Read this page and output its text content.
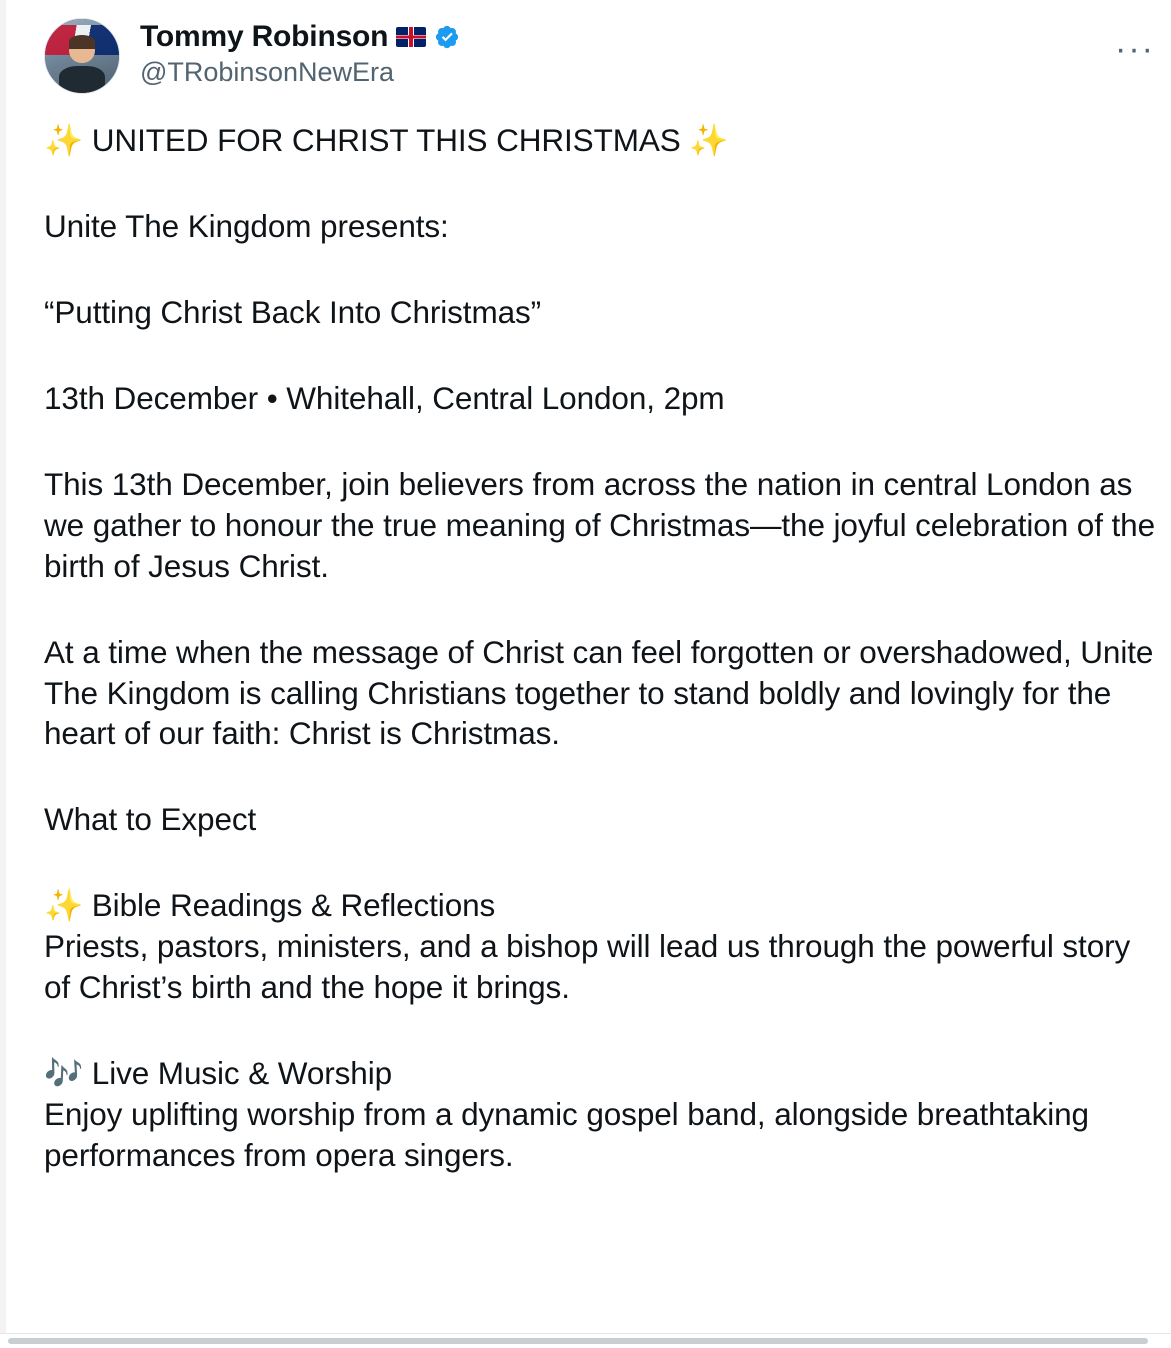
Tommy Robinson
@TRobinsonNewEra
···

✨ UNITED FOR CHRIST THIS CHRISTMAS ✨

Unite The Kingdom presents:

“Putting Christ Back Into Christmas”

13th December • Whitehall, Central London, 2pm

This 13th December, join believers from across the nation in central London as we gather to honour the true meaning of Christmas—the joyful celebration of the birth of Jesus Christ.

At a time when the message of Christ can feel forgotten or overshadowed, Unite The Kingdom is calling Christians together to stand boldly and lovingly for the heart of our faith: Christ is Christmas.

What to Expect

✨ Bible Readings & Reflections

Priests, pastors, ministers, and a bishop will lead us through the powerful story of Christ’s birth and the hope it brings.

🎶 Live Music & Worship

Enjoy uplifting worship from a dynamic gospel band, alongside breathtaking performances from opera singers.
